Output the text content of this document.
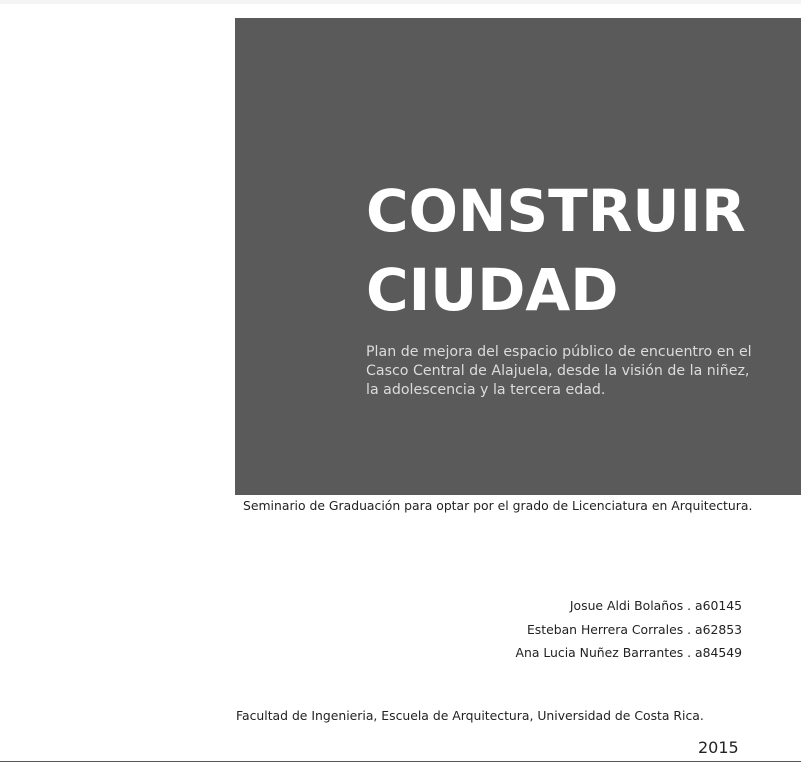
CONSTRUIR
CIUDAD

Plan de mejora del espacio público de encuentro en el Casco Central de Alajuela, desde la visión de la niñez, la adolescencia y la tercera edad.

Seminario de Graduación para optar por el grado de Licenciatura en Arquitectura.

Josue Aldi Bolaños . a60145
Esteban Herrera Corrales . a62853
Ana Lucia Nuñez Barrantes . a84549

Facultad de Ingenieria, Escuela de Arquitectura, Universidad de Costa Rica.

2015
